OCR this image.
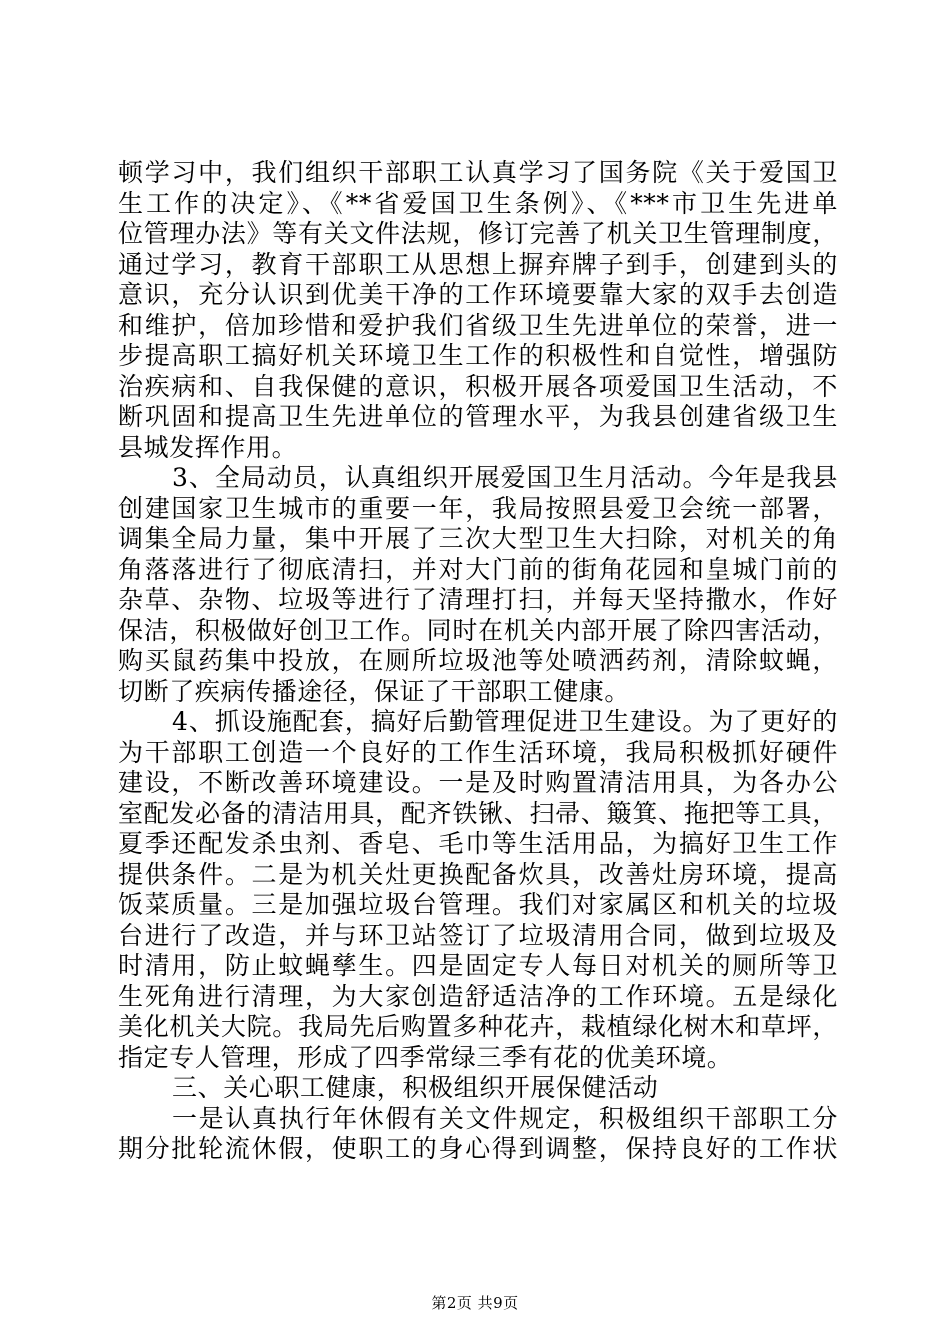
顿学习中，我们组织干部职工认真学习了国务院《关于爱国卫
生工作的决定》、《**省爱国卫生条例》、《***市卫生先进单
位管理办法》等有关文件法规，修订完善了机关卫生管理制度，
通过学习，教育干部职工从思想上摒弃牌子到手，创建到头的
意识，充分认识到优美干净的工作环境要靠大家的双手去创造
和维护，倍加珍惜和爱护我们省级卫生先进单位的荣誉，进一
步提高职工搞好机关环境卫生工作的积极性和自觉性，增强防
治疾病和、自我保健的意识，积极开展各项爱国卫生活动，不
断巩固和提高卫生先进单位的管理水平，为我县创建省级卫生
县城发挥作用。
3、全局动员，认真组织开展爱国卫生月活动。今年是我县
创建国家卫生城市的重要一年，我局按照县爱卫会统一部署，
调集全局力量，集中开展了三次大型卫生大扫除，对机关的角
角落落进行了彻底清扫，并对大门前的街角花园和皇城门前的
杂草、杂物、垃圾等进行了清理打扫，并每天坚持撒水，作好
保洁，积极做好创卫工作。同时在机关内部开展了除四害活动，
购买鼠药集中投放，在厕所垃圾池等处喷洒药剂，清除蚊蝇，
切断了疾病传播途径，保证了干部职工健康。
4、抓设施配套，搞好后勤管理促进卫生建设。为了更好的
为干部职工创造一个良好的工作生活环境，我局积极抓好硬件
建设，不断改善环境建设。一是及时购置清洁用具，为各办公
室配发必备的清洁用具，配齐铁锹、扫帚、簸箕、拖把等工具，
夏季还配发杀虫剂、香皂、毛巾等生活用品，为搞好卫生工作
提供条件。二是为机关灶更换配备炊具，改善灶房环境，提高
饭菜质量。三是加强垃圾台管理。我们对家属区和机关的垃圾
台进行了改造，并与环卫站签订了垃圾清用合同，做到垃圾及
时清用，防止蚊蝇孳生。四是固定专人每日对机关的厕所等卫
生死角进行清理，为大家创造舒适洁净的工作环境。五是绿化
美化机关大院。我局先后购置多种花卉，栽植绿化树木和草坪，
指定专人管理，形成了四季常绿三季有花的优美环境。
三、关心职工健康，积极组织开展保健活动
一是认真执行年休假有关文件规定，积极组织干部职工分
期分批轮流休假，使职工的身心得到调整，保持良好的工作状
第2页 共9页
